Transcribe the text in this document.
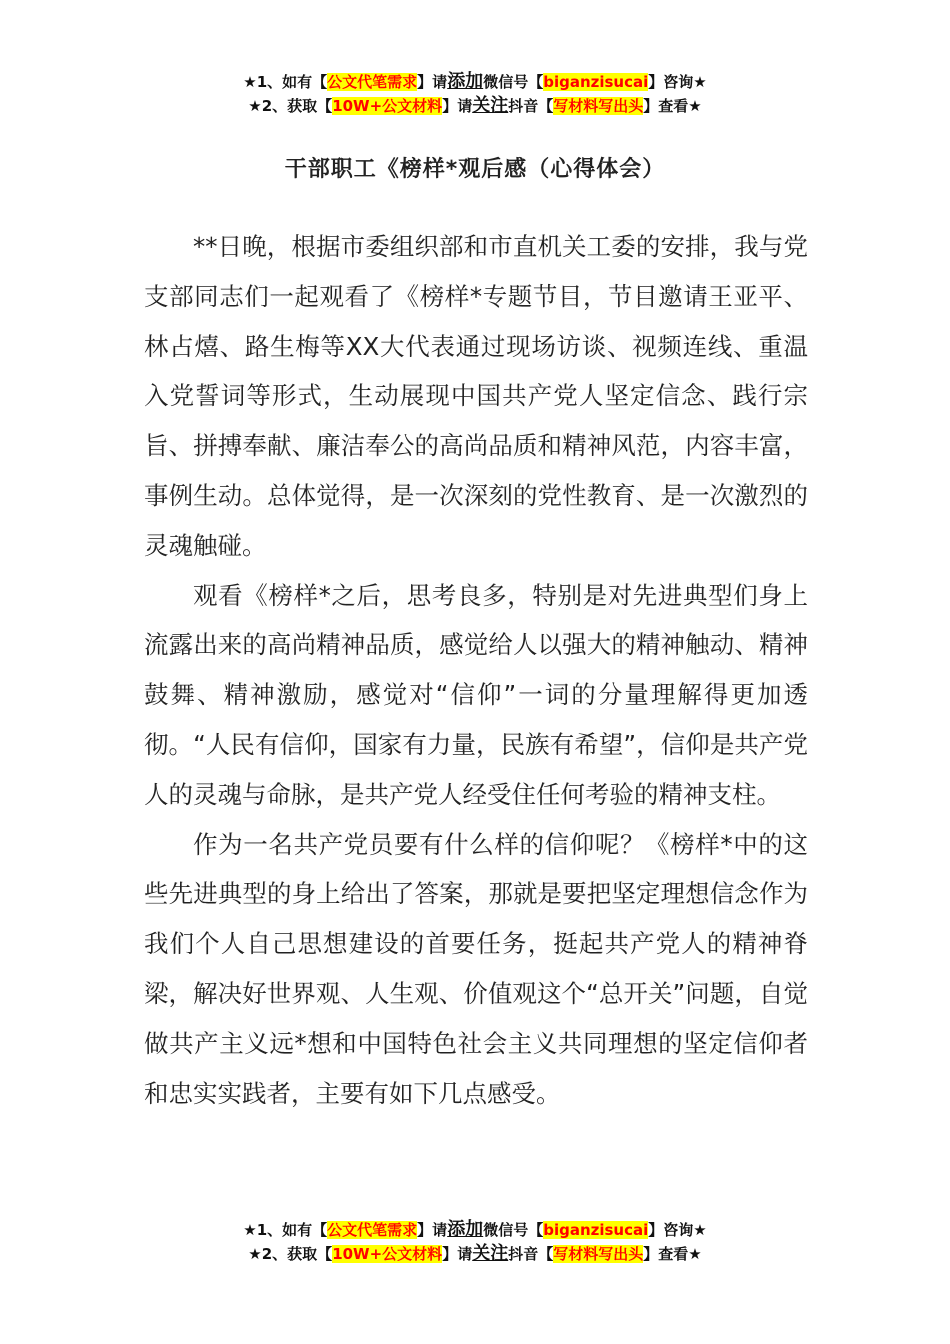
★1、如有【公文代笔需求】请添加微信号【biganzisucai】咨询★
★2、获取【10W+公文材料】请关注抖音【写材料写出头】查看★
干部职工《榜样*观后感（心得体会）

**日晚，根据市委组织部和市直机关工委的安排，我与党支部同志们一起观看了《榜样*专题节目，节目邀请王亚平、林占熺、路生梅等XX大代表通过现场访谈、视频连线、重温入党誓词等形式，生动展现中国共产党人坚定信念、践行宗旨、拼搏奉献、廉洁奉公的高尚品质和精神风范，内容丰富，事例生动。总体觉得，是一次深刻的党性教育、是一次激烈的灵魂触碰。

观看《榜样*之后，思考良多，特别是对先进典型们身上流露出来的高尚精神品质，感觉给人以强大的精神触动、精神鼓舞、精神激励，感觉对“信仰”一词的分量理解得更加透彻。“人民有信仰，国家有力量，民族有希望”，信仰是共产党人的灵魂与命脉，是共产党人经受住任何考验的精神支柱。

作为一名共产党员要有什么样的信仰呢？《榜样*中的这些先进典型的身上给出了答案，那就是要把坚定理想信念作为我们个人自己思想建设的首要任务，挺起共产党人的精神脊梁，解决好世界观、人生观、价值观这个“总开关”问题，自觉做共产主义远*想和中国特色社会主义共同理想的坚定信仰者和忠实实践者，主要有如下几点感受。

★1、如有【公文代笔需求】请添加微信号【biganzisucai】咨询★
★2、获取【10W+公文材料】请关注抖音【写材料写出头】查看★
